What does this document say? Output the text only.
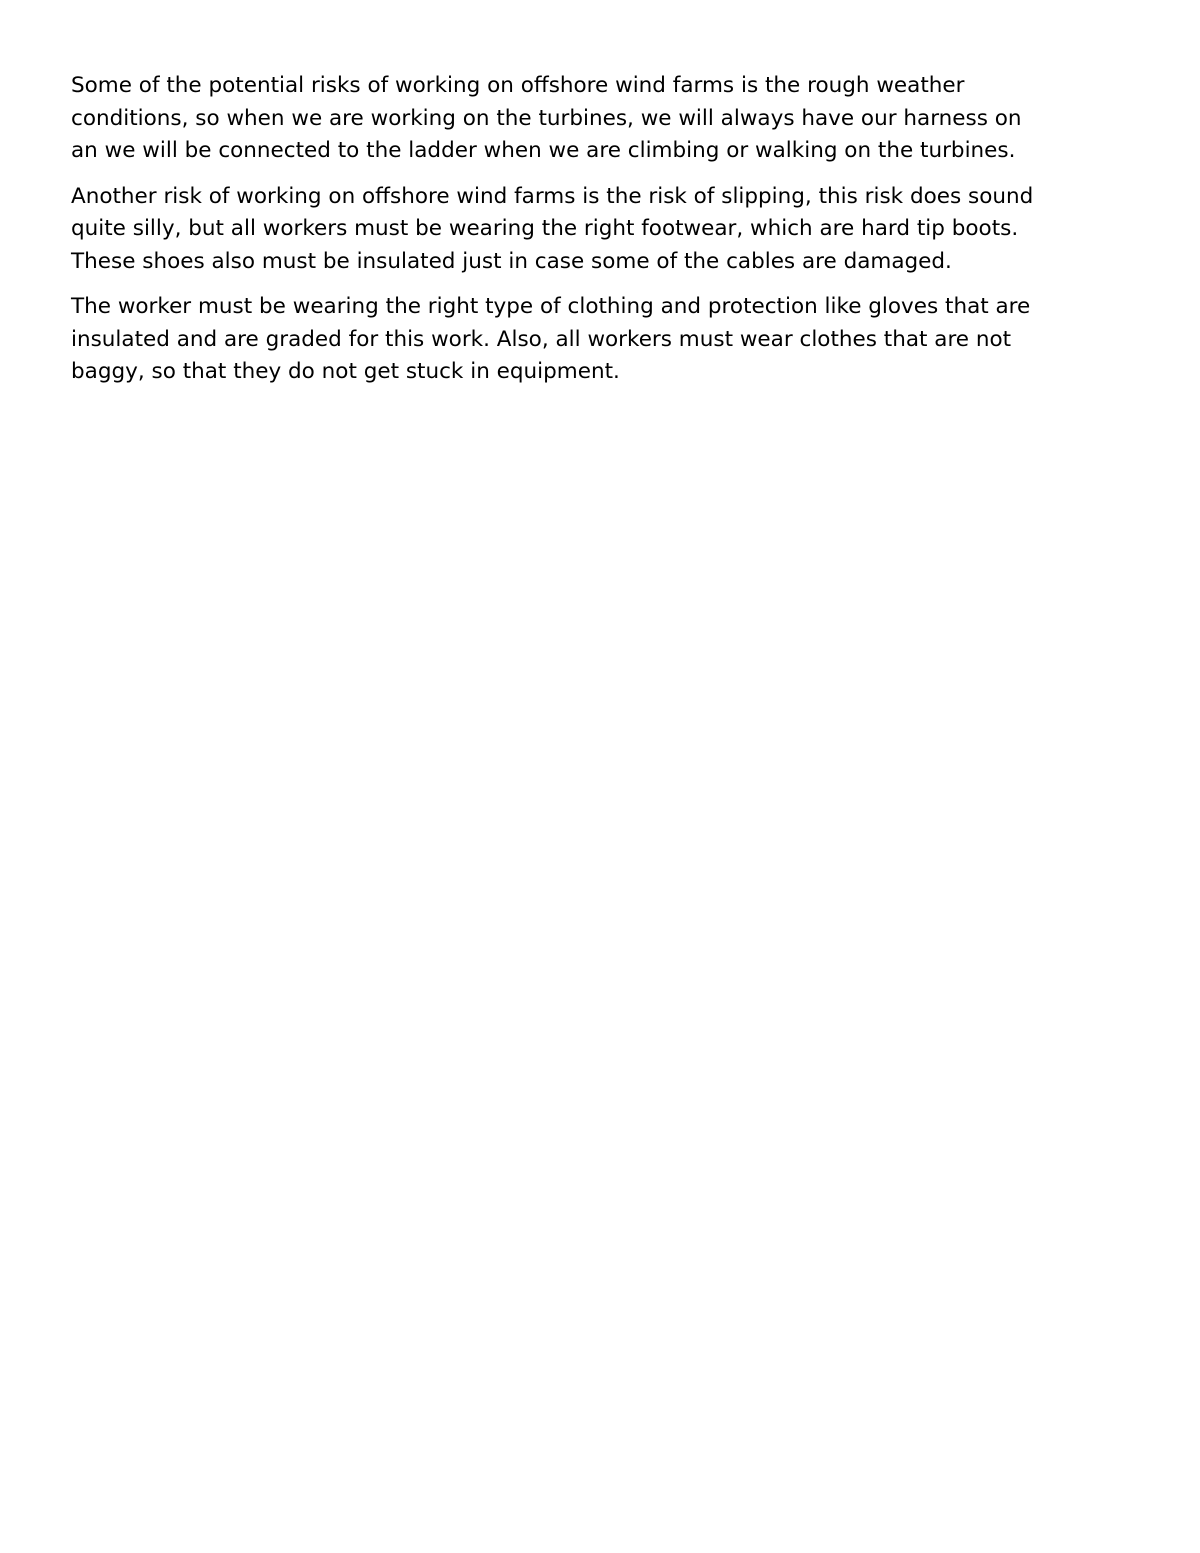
Some of the potential risks of working on offshore wind farms is the rough weather
conditions, so when we are working on the turbines, we will always have our harness on
an we will be connected to the ladder when we are climbing or walking on the turbines.

Another risk of working on offshore wind farms is the risk of slipping, this risk does sound
quite silly, but all workers must be wearing the right footwear, which are hard tip boots.
These shoes also must be insulated just in case some of the cables are damaged.

The worker must be wearing the right type of clothing and protection like gloves that are
insulated and are graded for this work. Also, all workers must wear clothes that are not
baggy, so that they do not get stuck in equipment.
